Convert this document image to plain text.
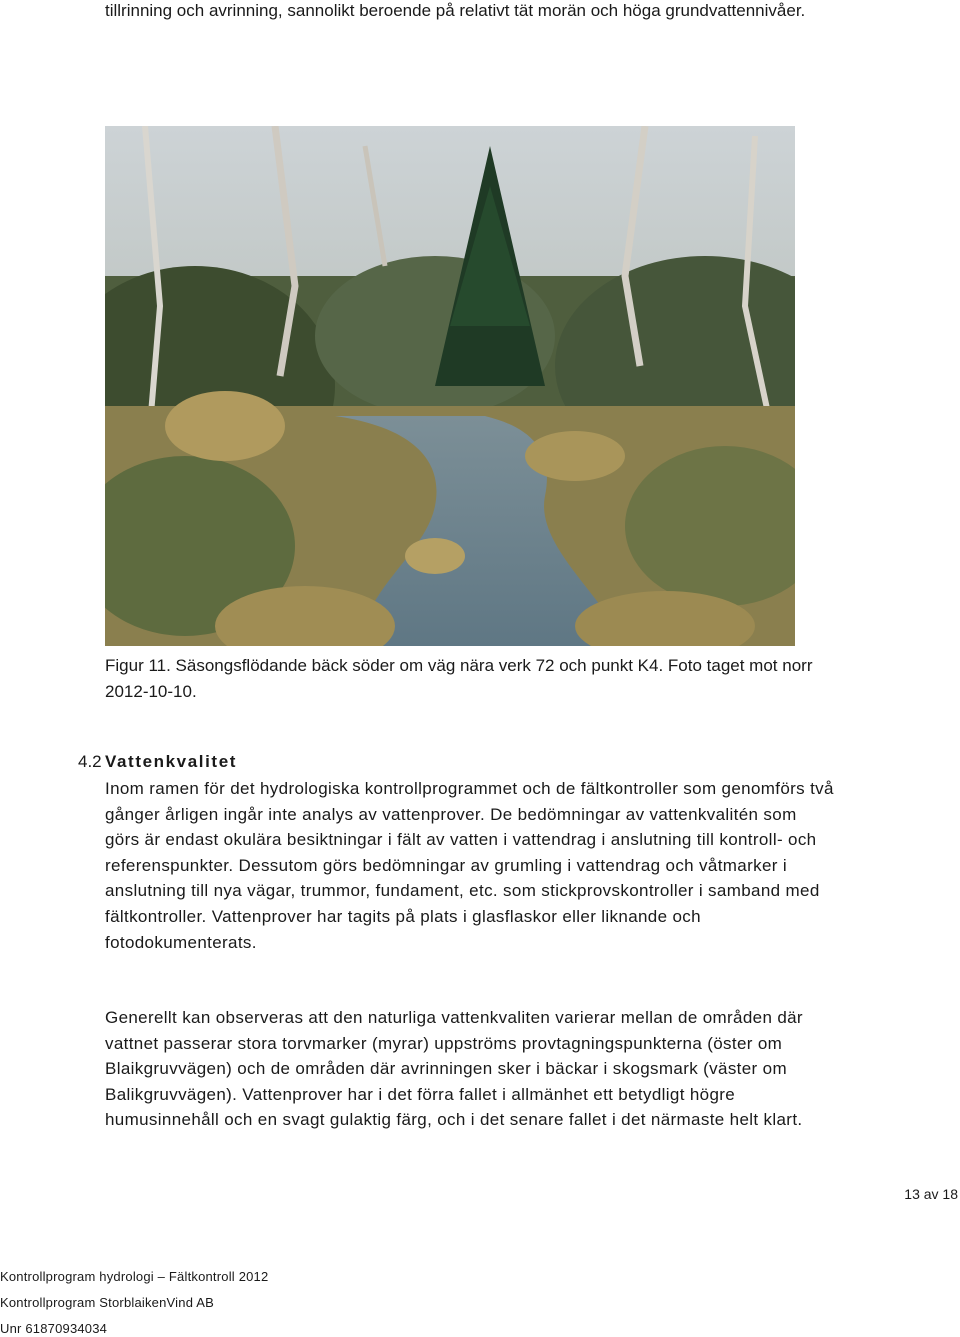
tillrinning och avrinning, sannolikt beroende på relativt tät morän och höga grundvattennivåer.

Figur 11. Säsongsflödande bäck söder om väg nära verk 72 och punkt K4. Foto taget mot norr 2012-10-10.

4.2 Vattenkvalitet

Inom ramen för det hydrologiska kontrollprogrammet och de fältkontroller som genomförs två gånger årligen ingår inte analys av vattenprover. De bedömningar av vattenkvalitén som görs är endast okulära besiktningar i fält av vatten i vattendrag i anslutning till kontroll- och referenspunkter. Dessutom görs bedömningar av grumling i vattendrag och våtmarker i anslutning till nya vägar, trummor, fundament, etc. som stickprovskontroller i samband med fältkontroller. Vattenprover har tagits på plats i glasflaskor eller liknande och fotodokumenterats.

Generellt kan observeras att den naturliga vattenkvaliten varierar mellan de områden där vattnet passerar stora torvmarker (myrar) uppströms provtagningspunkterna (öster om Blaikgruvvägen) och de områden där avrinningen sker i bäckar i skogsmark (väster om Balikgruvvägen). Vattenprover har i det förra fallet i allmänhet ett betydligt högre humusinnehåll och en svagt gulaktig färg, och i det senare fallet i det närmaste helt klart.

13 av 18
Kontrollprogram hydrologi – Fältkontroll 2012
Kontrollprogram StorblaikenVind AB
Unr 61870934034
